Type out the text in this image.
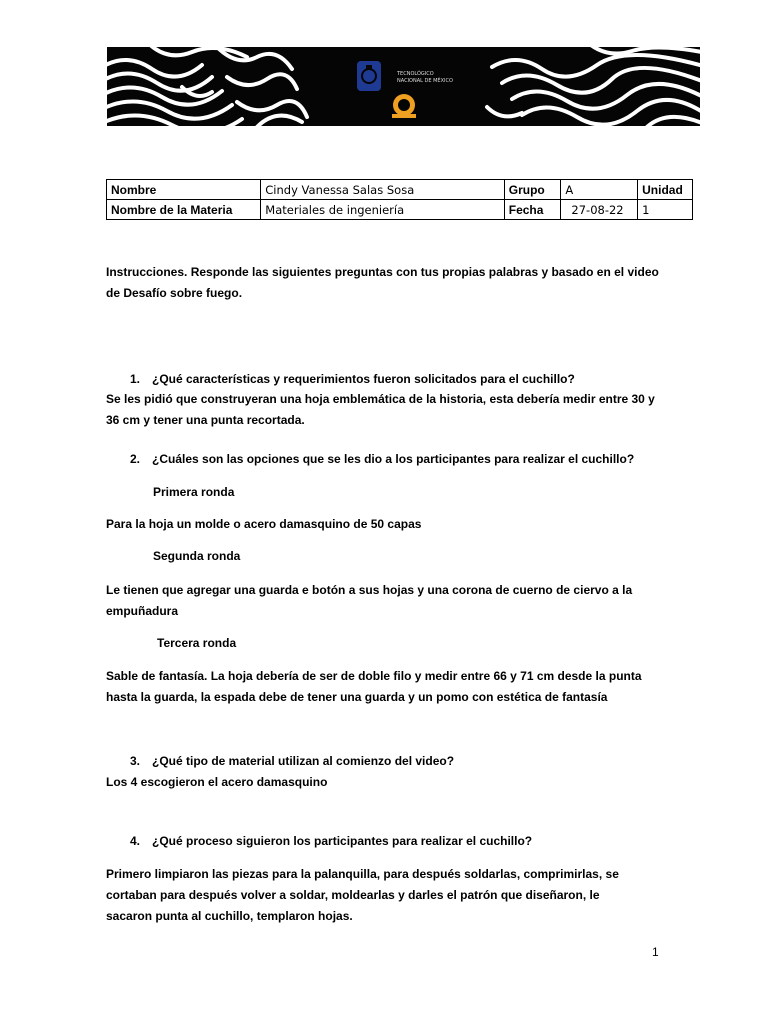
TECNOLÓGICO
NACIONAL DE MÉXICO
Nombre	Cindy Vanessa Salas Sosa	Grupo	A	Unidad
Nombre de la Materia	Materiales de ingeniería	Fecha	27-08-22	1

Instrucciones. Responde las siguientes preguntas con tus propias palabras y basado en el video de Desafío sobre fuego.

1. ¿Qué características y requerimientos fueron solicitados para el cuchillo?

Se les pidió que construyeran una hoja emblemática de la historia, esta debería medir entre 30 y 36 cm y tener una punta recortada.

2. ¿Cuáles son las opciones que se les dio a los participantes para realizar el cuchillo?
Primera ronda

Para la hoja un molde o acero damasquino de 50 capas

Segunda ronda

Le tienen que agregar una guarda e botón a sus hojas y una corona de cuerno de ciervo a la empuñadura

Tercera ronda

Sable de fantasía. La hoja debería de ser de doble filo y medir entre 66 y 71 cm desde la punta hasta la guarda, la espada debe de tener una guarda y un pomo con estética de fantasía

3. ¿Qué tipo de material utilizan al comienzo del video?

Los 4 escogieron el acero damasquino

4. ¿Qué proceso siguieron los participantes para realizar el cuchillo?

Primero limpiaron las piezas para la palanquilla, para después soldarlas, comprimirlas, se cortaban para después volver a soldar, moldearlas y darles el patrón que diseñaron, le sacaron punta al cuchillo, templaron hojas.

1
